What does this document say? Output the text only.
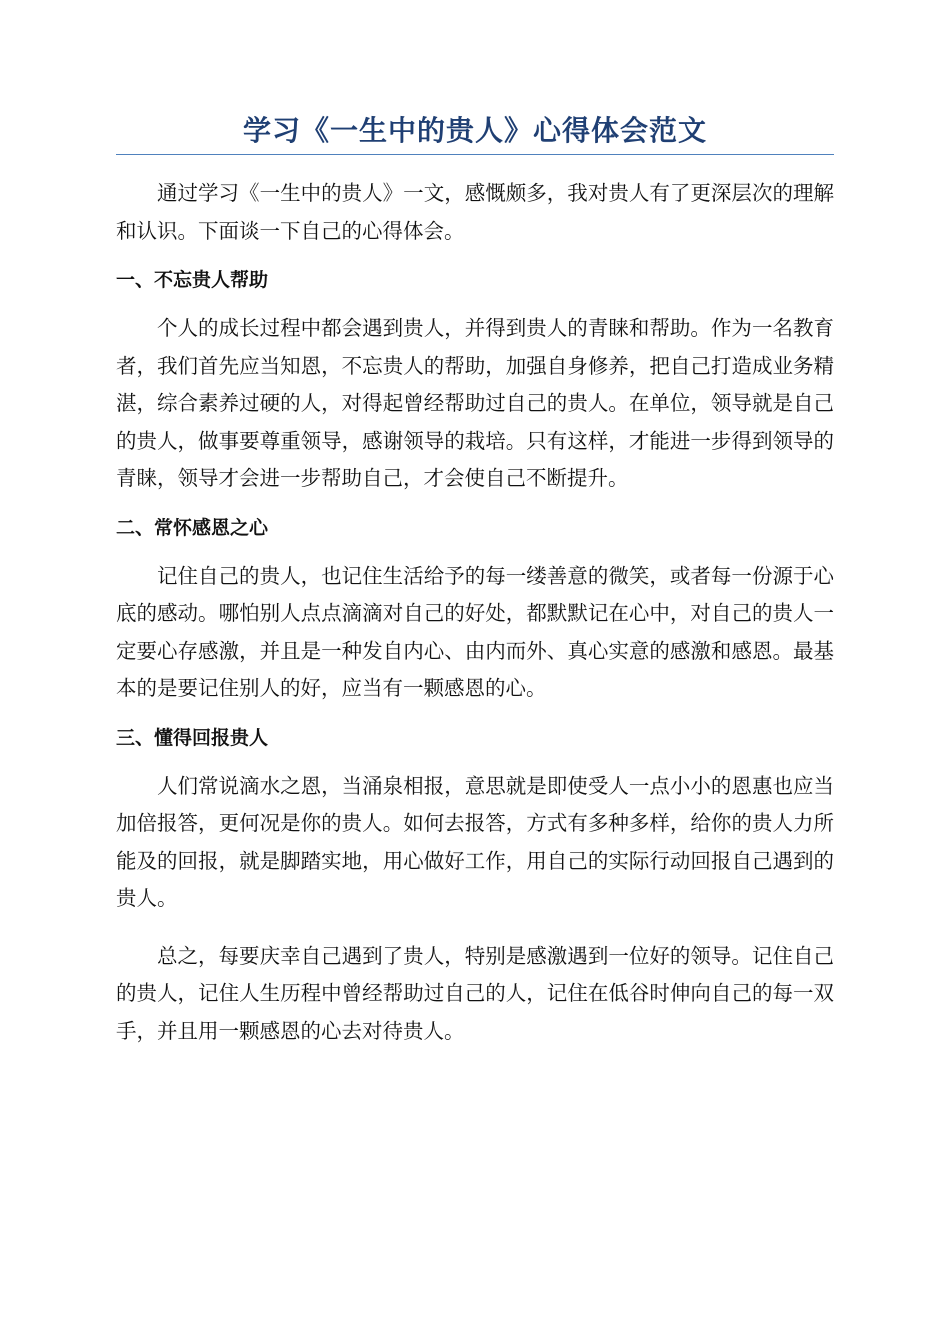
学习《一生中的贵人》心得体会范文

通过学习《一生中的贵人》一文，感慨颇多，我对贵人有了更深层次的理解和认识。下面谈一下自己的心得体会。

一、不忘贵人帮助

个人的成长过程中都会遇到贵人，并得到贵人的青睐和帮助。作为一名教育者，我们首先应当知恩，不忘贵人的帮助，加强自身修养，把自己打造成业务精湛，综合素养过硬的人，对得起曾经帮助过自己的贵人。在单位，领导就是自己的贵人，做事要尊重领导，感谢领导的栽培。只有这样，才能进一步得到领导的青睐，领导才会进一步帮助自己，才会使自己不断提升。

二、常怀感恩之心

记住自己的贵人，也记住生活给予的每一缕善意的微笑，或者每一份源于心底的感动。哪怕别人点点滴滴对自己的好处，都默默记在心中，对自己的贵人一定要心存感激，并且是一种发自内心、由内而外、真心实意的感激和感恩。最基本的是要记住别人的好，应当有一颗感恩的心。

三、懂得回报贵人

人们常说滴水之恩，当涌泉相报，意思就是即使受人一点小小的恩惠也应当加倍报答，更何况是你的贵人。如何去报答，方式有多种多样，给你的贵人力所能及的回报，就是脚踏实地，用心做好工作，用自己的实际行动回报自己遇到的贵人。

总之，每要庆幸自己遇到了贵人，特别是感激遇到一位好的领导。记住自己的贵人，记住人生历程中曾经帮助过自己的人，记住在低谷时伸向自己的每一双手，并且用一颗感恩的心去对待贵人。
